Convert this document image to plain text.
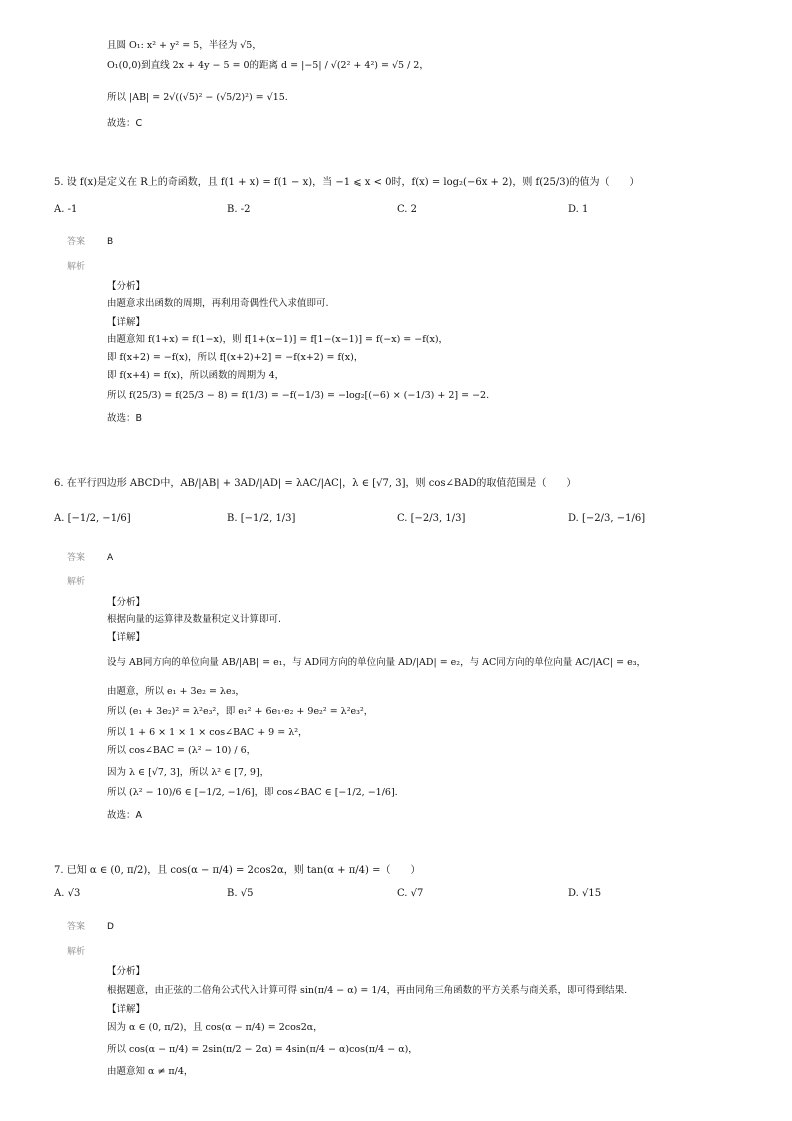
且圆 O₁: x² + y² = 5，半径为 √5，
O₁(0,0)到直线 2x + 4y − 5 = 0的距离 d = |−5| / √(2² + 4²) = √5 / 2，
所以 |AB| = 2√((√5)² − (√5/2)²) = √15.
故选：C
5. 设 f(x)是定义在 R上的奇函数，且 f(1 + x) = f(1 − x)，当 −1 ⩽ x < 0时，f(x) = log₂(−6x + 2)，则 f(25/3)的值为（　　）
A. -1	B. -2	C. 2	D. 1
答案 B
解析
【分析】
由题意求出函数的周期，再利用奇偶性代入求值即可.
【详解】
由题意知 f(1+x) = f(1−x)，则 f[1+(x−1)] = f[1−(x−1)] = f(−x) = −f(x)，
即 f(x+2) = −f(x)，所以 f[(x+2)+2] = −f(x+2) = f(x)，
即 f(x+4) = f(x)，所以函数的周期为 4，
所以 f(25/3) = f(25/3 − 8) = f(1/3) = −f(−1/3) = −log₂[(−6) × (−1/3) + 2] = −2.
故选：B
6. 在平行四边形 ABCD中，AB/|AB| + 3AD/|AD| = λAC/|AC|，λ ∈ [√7, 3]，则 cos∠BAD的取值范围是（　　）
A. [−1/2, −1/6]	B. [−1/2, 1/3]	C. [−2/3, 1/3]	D. [−2/3, −1/6]
答案 A
解析
【分析】
根据向量的运算律及数量积定义计算即可.
【详解】
设与 AB同方向的单位向量 AB/|AB| = e₁，与 AD同方向的单位向量 AD/|AD| = e₂，与 AC同方向的单位向量 AC/|AC| = e₃，
由题意，所以 e₁ + 3e₂ = λe₃，
所以 (e₁ + 3e₂)² = λ²e₃²，即 e₁² + 6e₁·e₂ + 9e₂² = λ²e₃²，
所以 1 + 6 × 1 × 1 × cos∠BAC + 9 = λ²，
所以 cos∠BAC = (λ² − 10) / 6，
因为 λ ∈ [√7, 3]，所以 λ² ∈ [7, 9]，
所以 (λ² − 10)/6 ∈ [−1/2, −1/6]，即 cos∠BAC ∈ [−1/2, −1/6].
故选：A
7. 已知 α ∈ (0, π/2)，且 cos(α − π/4) = 2cos2α，则 tan(α + π/4) =（　　）
A. √3	B. √5	C. √7	D. √15
答案 D
解析
【分析】
根据题意，由正弦的二倍角公式代入计算可得 sin(π/4 − α) = 1/4，再由同角三角函数的平方关系与商关系，即可得到结果.
【详解】
因为 α ∈ (0, π/2)，且 cos(α − π/4) = 2cos2α，
所以 cos(α − π/4) = 2sin(π/2 − 2α) = 4sin(π/4 − α)cos(π/4 − α)，
由题意知 α ≠ π/4，
